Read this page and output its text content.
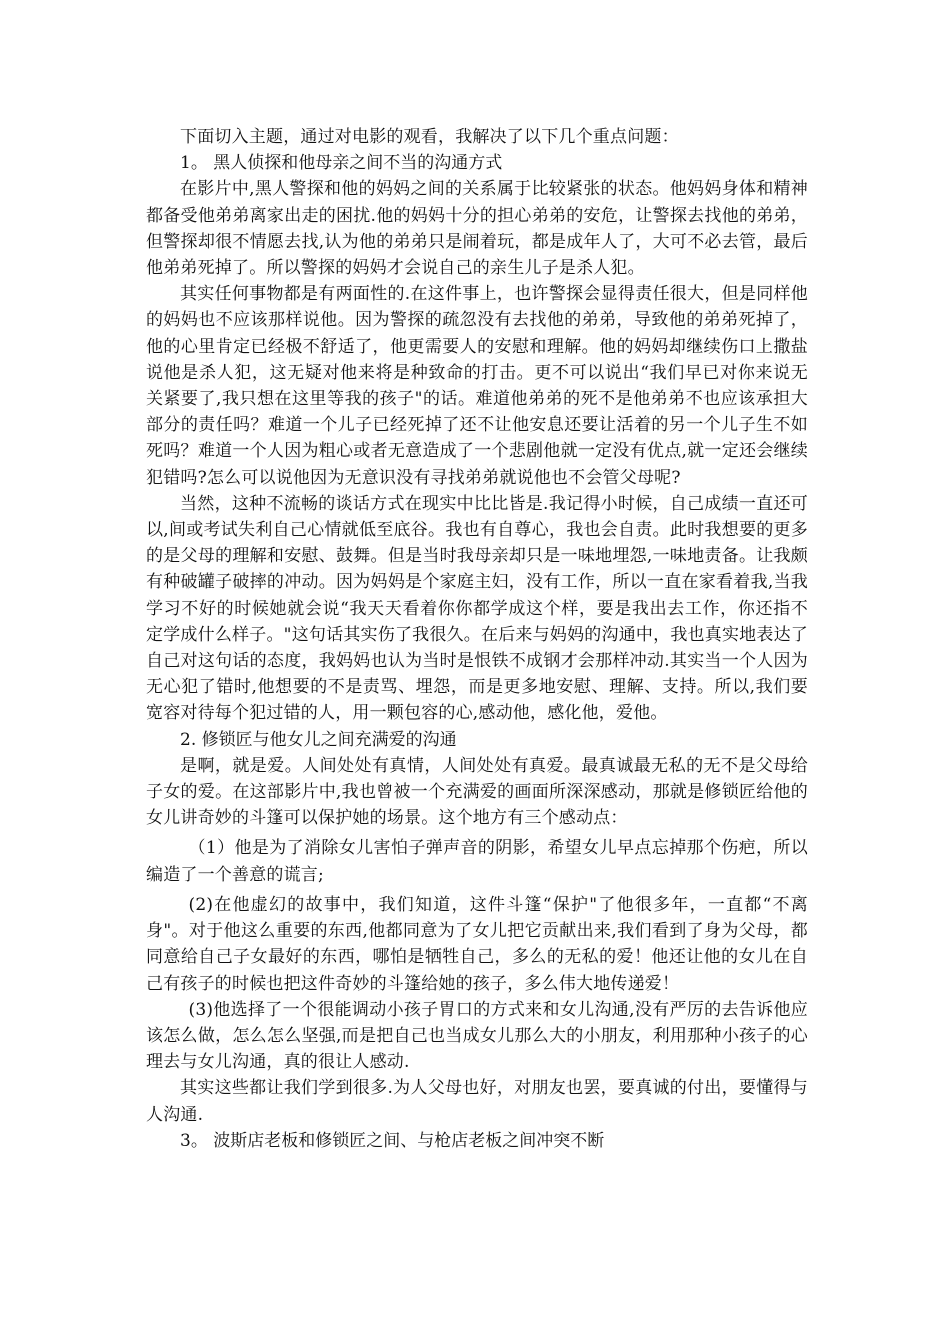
下面切入主题，通过对电影的观看，我解决了以下几个重点问题：

1。 黑人侦探和他母亲之间不当的沟通方式

在影片中,黑人警探和他的妈妈之间的关系属于比较紧张的状态。他妈妈身体和精神都备受他弟弟离家出走的困扰.他的妈妈十分的担心弟弟的安危，让警探去找他的弟弟，但警探却很不情愿去找,认为他的弟弟只是闹着玩，都是成年人了，大可不必去管，最后他弟弟死掉了。所以警探的妈妈才会说自己的亲生儿子是杀人犯。

其实任何事物都是有两面性的.在这件事上，也许警探会显得责任很大，但是同样他的妈妈也不应该那样说他。因为警探的疏忽没有去找他的弟弟，导致他的弟弟死掉了，他的心里肯定已经极不舒适了，他更需要人的安慰和理解。他的妈妈却继续伤口上撒盐说他是杀人犯，这无疑对他来将是种致命的打击。更不可以说出“我们早已对你来说无关紧要了,我只想在这里等我的孩子"的话。难道他弟弟的死不是他弟弟不也应该承担大部分的责任吗？难道一个儿子已经死掉了还不让他安息还要让活着的另一个儿子生不如死吗？难道一个人因为粗心或者无意造成了一个悲剧他就一定没有优点,就一定还会继续犯错吗?怎么可以说他因为无意识没有寻找弟弟就说他也不会管父母呢?

当然，这种不流畅的谈话方式在现实中比比皆是.我记得小时候，自己成绩一直还可以,间或考试失利自己心情就低至底谷。我也有自尊心，我也会自责。此时我想要的更多的是父母的理解和安慰、鼓舞。但是当时我母亲却只是一味地埋怨,一味地责备。让我颇有种破罐子破摔的冲动。因为妈妈是个家庭主妇，没有工作，所以一直在家看着我,当我学习不好的时候她就会说“我天天看着你你都学成这个样，要是我出去工作，你还指不定学成什么样子。"这句话其实伤了我很久。在后来与妈妈的沟通中，我也真实地表达了自己对这句话的态度，我妈妈也认为当时是恨铁不成钢才会那样冲动.其实当一个人因为无心犯了错时,他想要的不是责骂、埋怨，而是更多地安慰、理解、支持。所以,我们要宽容对待每个犯过错的人，用一颗包容的心,感动他，感化他，爱他。

2. 修锁匠与他女儿之间充满爱的沟通

是啊，就是爱。人间处处有真情，人间处处有真爱。最真诚最无私的无不是父母给子女的爱。在这部影片中,我也曾被一个充满爱的画面所深深感动，那就是修锁匠给他的女儿讲奇妙的斗篷可以保护她的场景。这个地方有三个感动点：

（1）他是为了消除女儿害怕子弹声音的阴影，希望女儿早点忘掉那个伤疤，所以编造了一个善意的谎言;

(2)在他虚幻的故事中，我们知道，这件斗篷“保护"了他很多年，一直都“不离身"。对于他这么重要的东西,他都同意为了女儿把它贡献出来,我们看到了身为父母，都同意给自己子女最好的东西，哪怕是牺牲自己，多么的无私的爱！他还让他的女儿在自己有孩子的时候也把这件奇妙的斗篷给她的孩子，多么伟大地传递爱！

(3)他选择了一个很能调动小孩子胃口的方式来和女儿沟通,没有严厉的去告诉他应该怎么做，怎么怎么坚强,而是把自己也当成女儿那么大的小朋友，利用那种小孩子的心理去与女儿沟通，真的很让人感动.

其实这些都让我们学到很多.为人父母也好，对朋友也罢，要真诚的付出，要懂得与人沟通.

3。 波斯店老板和修锁匠之间、与枪店老板之间冲突不断
